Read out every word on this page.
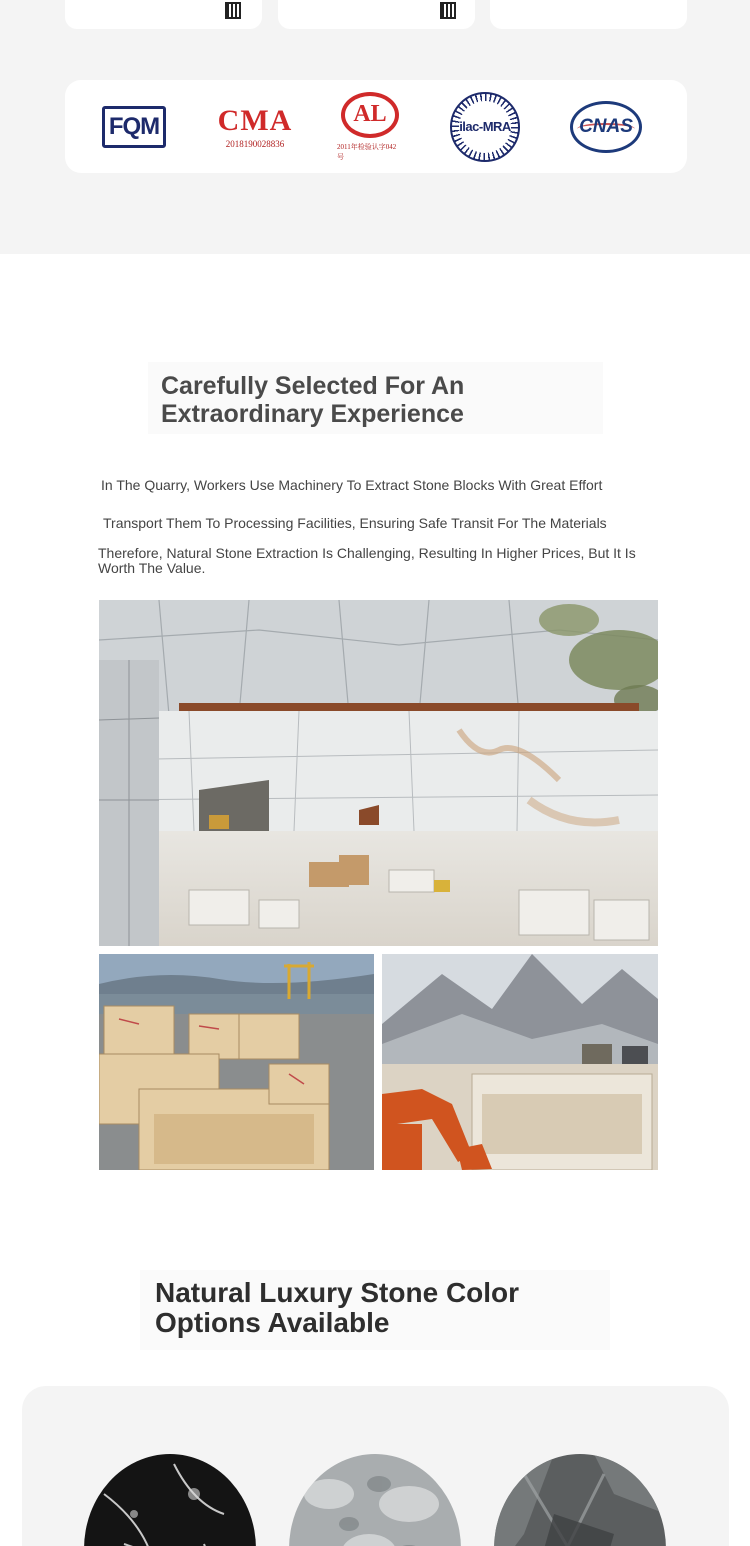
FQM CMA
2018190028836
AL
2011年检验认字042号
ilac-MRA	CNAS
Carefully Selected For An Extraordinary Experience

In The Quarry, Workers Use Machinery To Extract Stone Blocks With Great Effort

Transport Them To Processing Facilities, Ensuring Safe Transit For The Materials

Therefore, Natural Stone Extraction Is Challenging, Resulting In Higher Prices, But It Is Worth The Value.

Natural Luxury Stone Color Options Available
